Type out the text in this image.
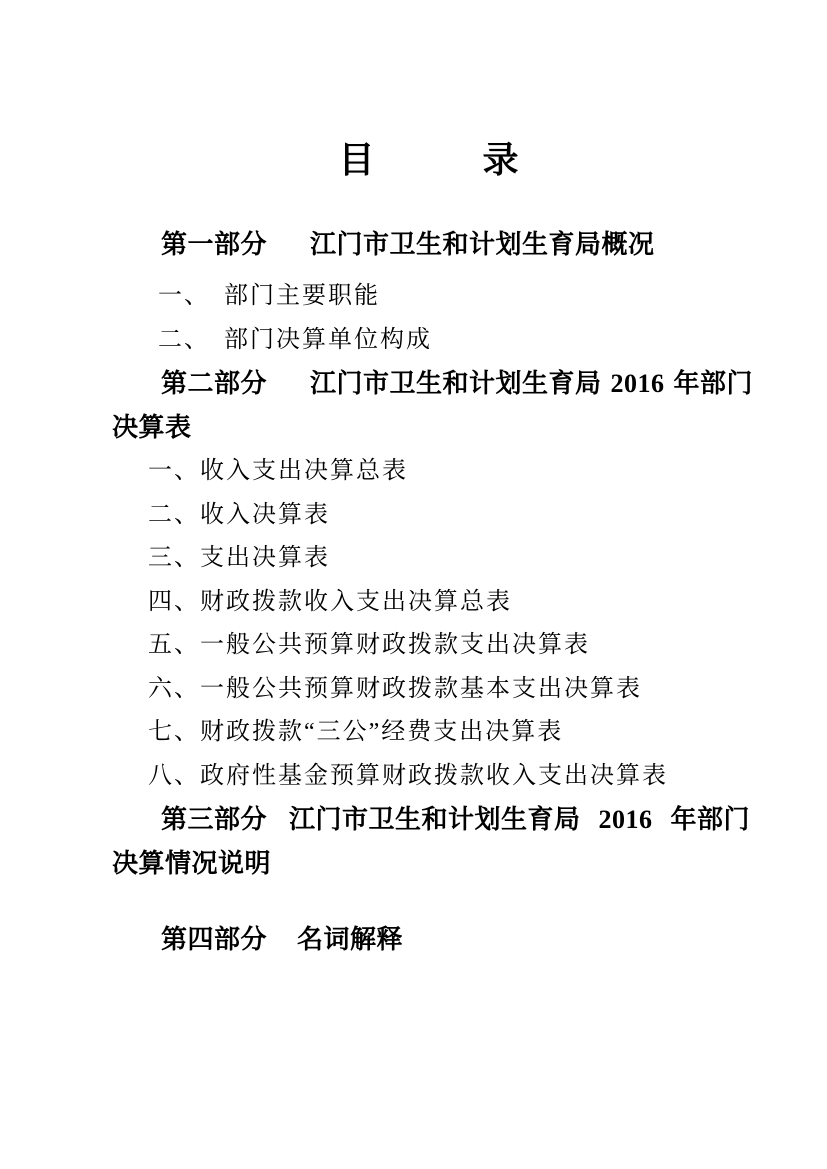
目　　　录

第一部分 江门市卫生和计划生育局概况

一、　部门主要职能

二、　部门决算单位构成

第二部分 江门市卫生和计划生育局 2016 年部门
决算表

一、收入支出决算总表

二、收入决算表

三、支出决算表

四、财政拨款收入支出决算总表

五、一般公共预算财政拨款支出决算表

六、一般公共预算财政拨款基本支出决算表

七、财政拨款“三公”经费支出决算表

八、政府性基金预算财政拨款收入支出决算表

第三部分 江门市卫生和计划生育局 2016 年部门
决算情况说明

第四部分 名词解释
